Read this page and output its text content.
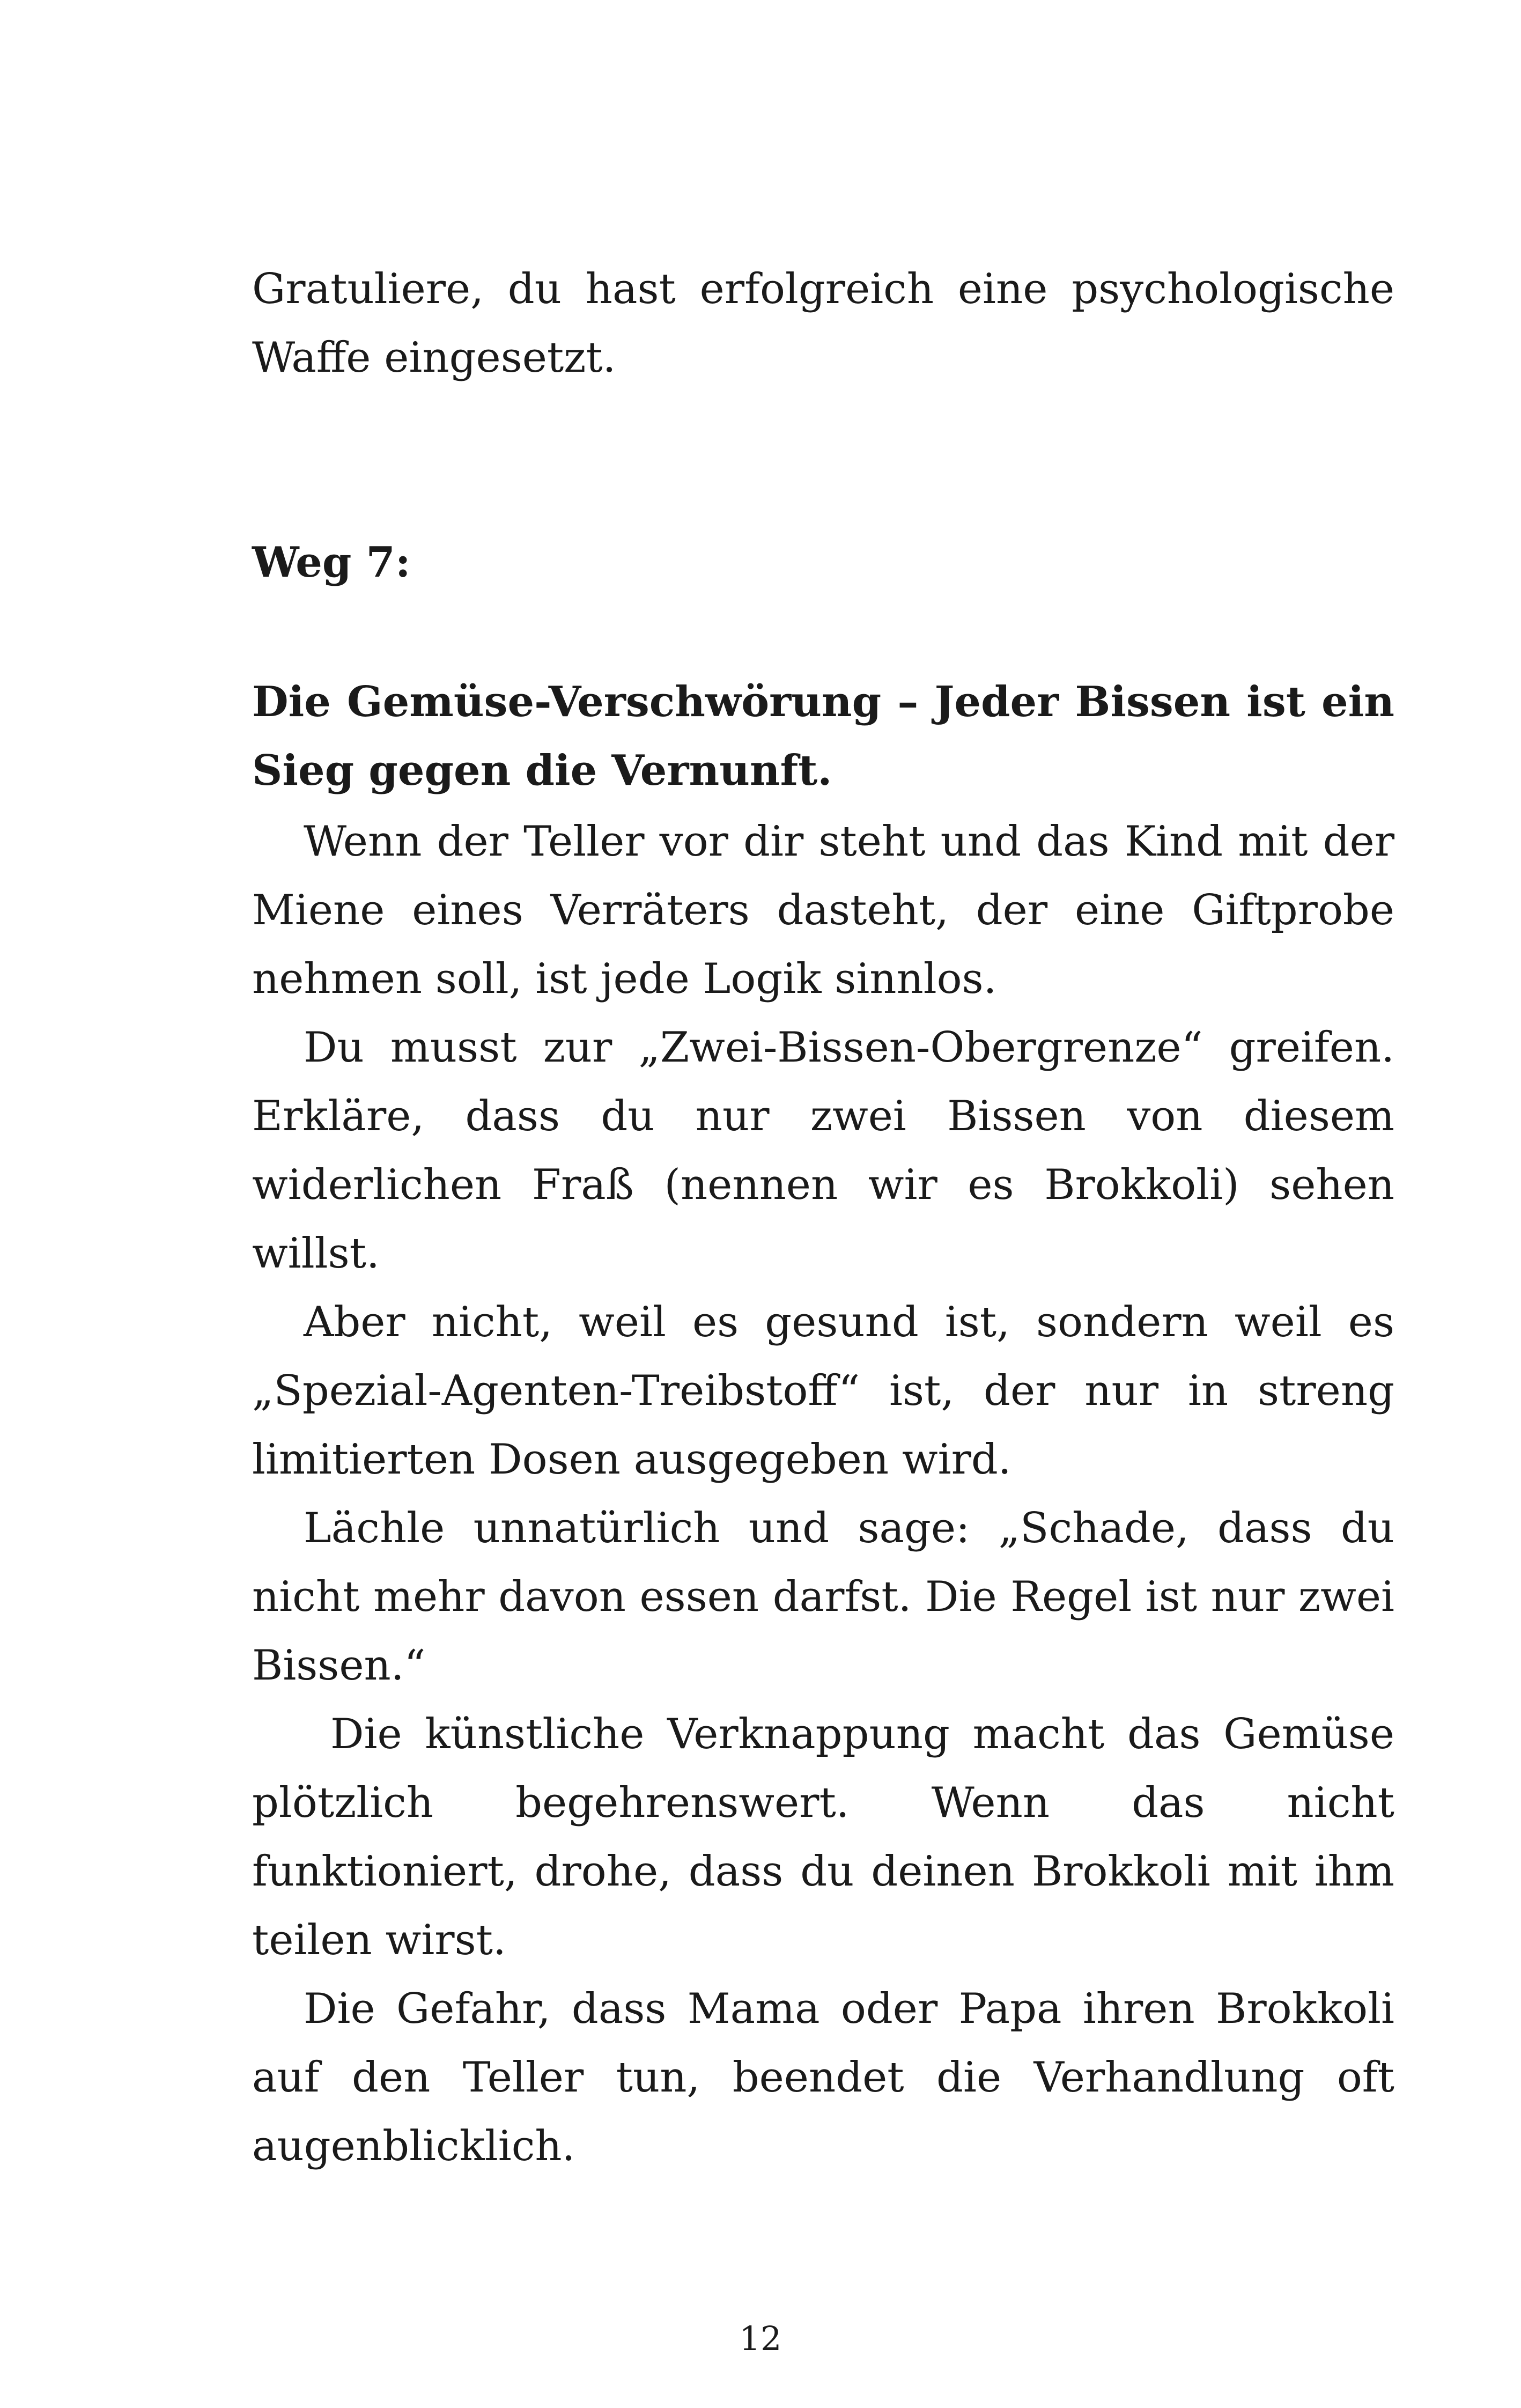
Gratuliere, du hast erfolgreich eine psychologische Waffe eingesetzt.
Weg 7:
Die Gemüse-Verschwörung – Jeder Bissen ist ein Sieg gegen die Vernunft.

Wenn der Teller vor dir steht und das Kind mit der Miene eines Verräters dasteht, der eine Giftprobe nehmen soll, ist jede Logik sinnlos.

Du musst zur „Zwei-Bissen-Obergrenze“ greifen. Erkläre, dass du nur zwei Bissen von diesem widerlichen Fraß (nennen wir es Brokkoli) sehen willst.

Aber nicht, weil es gesund ist, sondern weil es „Spezial-Agenten-Treibstoff“ ist, der nur in streng limitierten Dosen ausgegeben wird.

Lächle unnatürlich und sage: „Schade, dass du nicht mehr davon essen darfst. Die Regel ist nur zwei Bissen.“

Die künstliche Verknappung macht das Gemüse plötzlich begehrenswert. Wenn das nicht funktioniert, drohe, dass du deinen Brokkoli mit ihm teilen wirst.

Die Gefahr, dass Mama oder Papa ihren Brokkoli auf den Teller tun, beendet die Verhandlung oft augenblicklich.

12
